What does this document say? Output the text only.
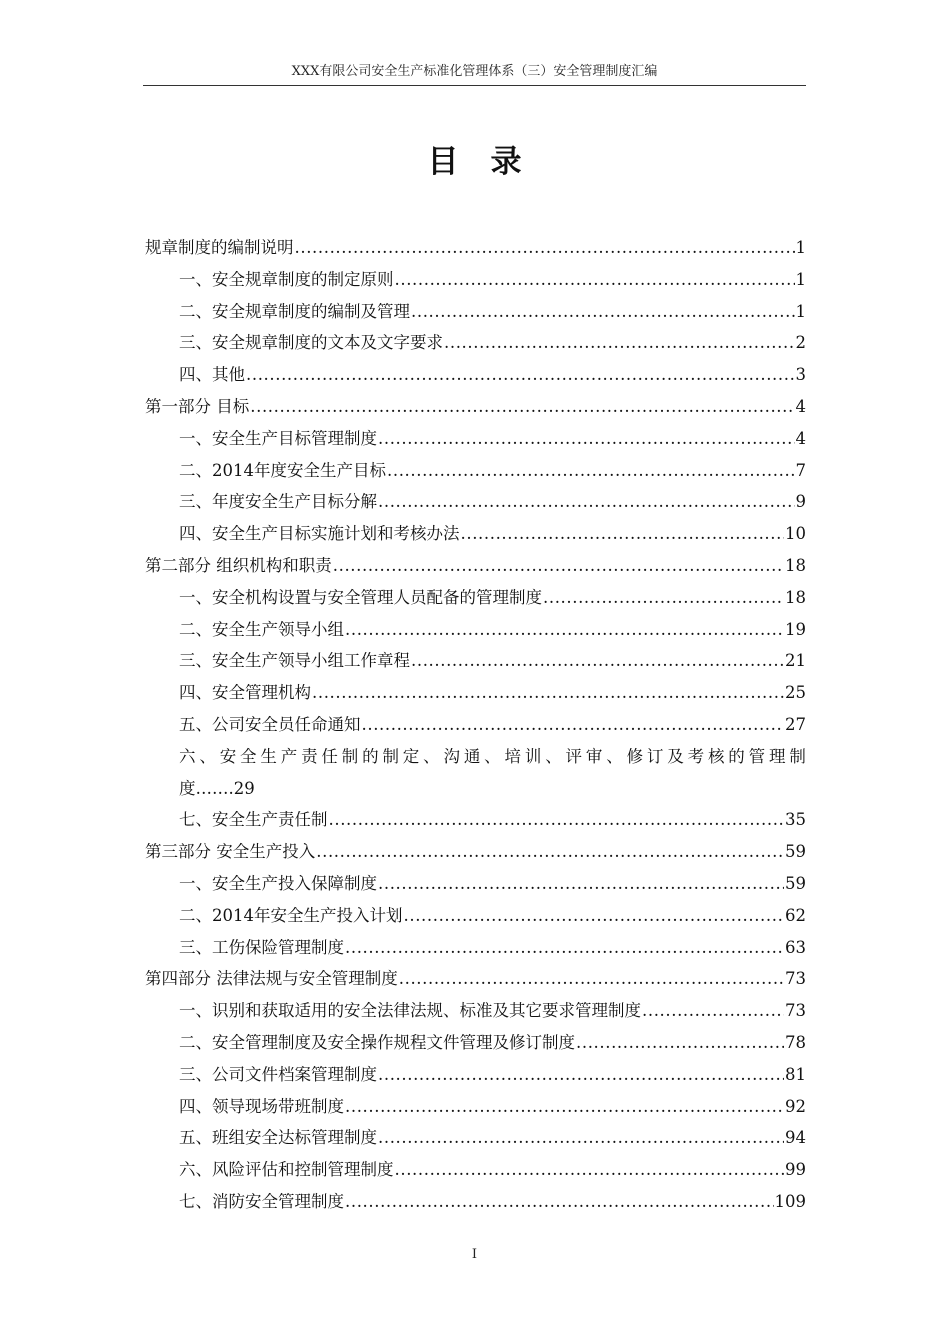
XXX有限公司安全生产标准化管理体系（三）安全管理制度汇编
目录
规章制度的编制说明 .....	1
一、安全规章制度的制定原则 .....	1
二、安全规章制度的编制及管理 .....	1
三、安全规章制度的文本及文字要求 .....	2
四、其他 .....	3
第一部分 目标 .....	4
一、安全生产目标管理制度 .....	4
二、2014年度安全生产目标 .....	7
三、年度安全生产目标分解 .....	9
四、安全生产目标实施计划和考核办法 .....	10
第二部分 组织机构和职责 .....	18
一、安全机构设置与安全管理人员配备的管理制度 .....	18
二、安全生产领导小组 .....	19
三、安全生产领导小组工作章程 .....	21
四、安全管理机构 .....	25
五、公司安全员任命通知 .....	27
六 、 安 全 生 产 责 任 制 的 制 定 、 沟 通 、 培 训 、 评 审 、 修 订 及 考 核 的 管 理 制
度…….29
七、安全生产责任制 .....	35
第三部分 安全生产投入 .....	59
一、安全生产投入保障制度 .....	59
二、2014年安全生产投入计划 .....	62
三、工伤保险管理制度 .....	63
第四部分 法律法规与安全管理制度 .....	73
一、识别和获取适用的安全法律法规、标准及其它要求管理制度 .....	73
二、安全管理制度及安全操作规程文件管理及修订制度 .....	78
三、公司文件档案管理制度 .....	81
四、领导现场带班制度 .....	92
五、班组安全达标管理制度 .....	94
六、风险评估和控制管理制度 .....	99
七、消防安全管理制度 .....	109
I
